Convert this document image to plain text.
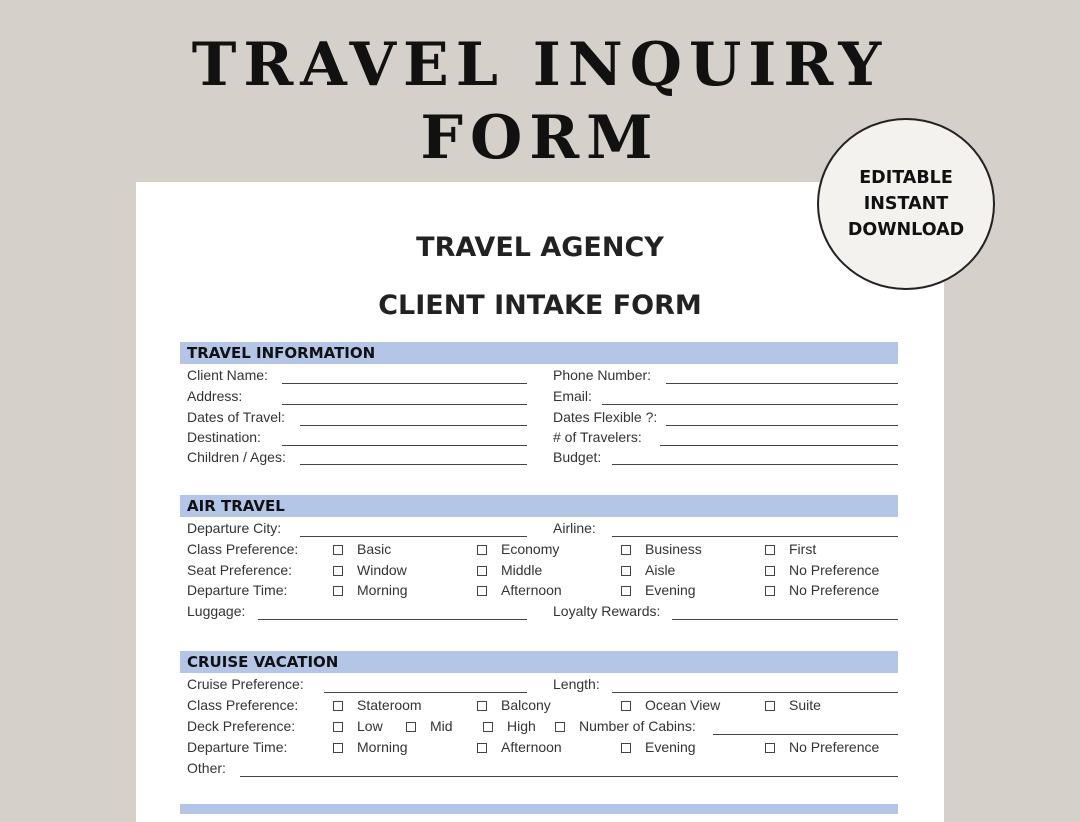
TRAVEL INQUIRY
FORM
TRAVEL AGENCY
CLIENT INTAKE FORM
TRAVEL INFORMATION
Client Name:	Phone Number:
Address:	Email:
Dates of Travel:	Dates Flexible ?:
Destination:	# of Travelers:
Children / Ages:	Budget:
AIR TRAVEL
Departure City:	Airline:
Class Preference:	Basic	Economy	Business	First
Seat Preference:	Window	Middle	Aisle	No Preference
Departure Time:	Morning	Afternoon	Evening	No Preference
Luggage:	Loyalty Rewards:
CRUISE VACATION
Cruise Preference:	Length:
Class Preference:	Stateroom	Balcony	Ocean View	Suite
Deck Preference:	Low	Mid	High	Number of Cabins:
Departure Time:	Morning	Afternoon	Evening	No Preference
Other:
EDITABLE
INSTANT
DOWNLOAD
